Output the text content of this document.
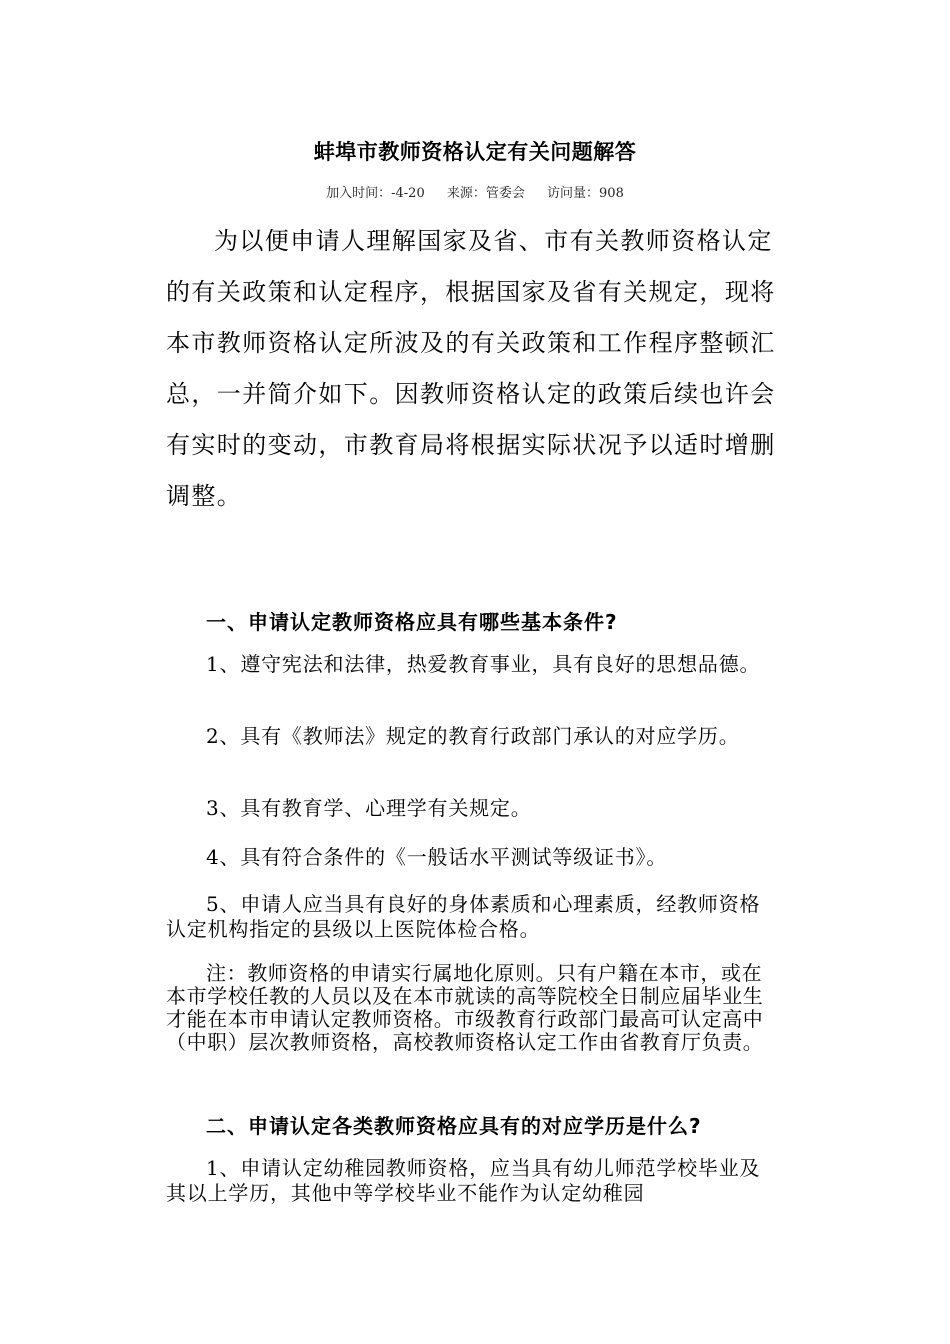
蚌埠市教师资格认定有关问题解答
加入时间：-4-20 来源：管委会 访问量：908
为以便申请人理解国家及省、市有关教师资格认定的有关政策和认定程序，根据国家及省有关规定，现将本市教师资格认定所波及的有关政策和工作程序整顿汇总，一并简介如下。因教师资格认定的政策后续也许会有实时的变动，市教育局将根据实际状况予以适时增删调整。
一、申请认定教师资格应具有哪些基本条件?
1、遵守宪法和法律，热爱教育事业，具有良好的思想品德。
2、具有《教师法》规定的教育行政部门承认的对应学历。
3、具有教育学、心理学有关规定。
4、具有符合条件的《一般话水平测试等级证书》。
5、申请人应当具有良好的身体素质和心理素质，经教师资格认定机构指定的县级以上医院体检合格。
注：教师资格的申请实行属地化原则。只有户籍在本市，或在本市学校任教的人员以及在本市就读的高等院校全日制应届毕业生才能在本市申请认定教师资格。市级教育行政部门最高可认定高中（中职）层次教师资格，高校教师资格认定工作由省教育厅负责。
二、申请认定各类教师资格应具有的对应学历是什么?
1、申请认定幼稚园教师资格，应当具有幼儿师范学校毕业及其以上学历，其他中等学校毕业不能作为认定幼稚园
